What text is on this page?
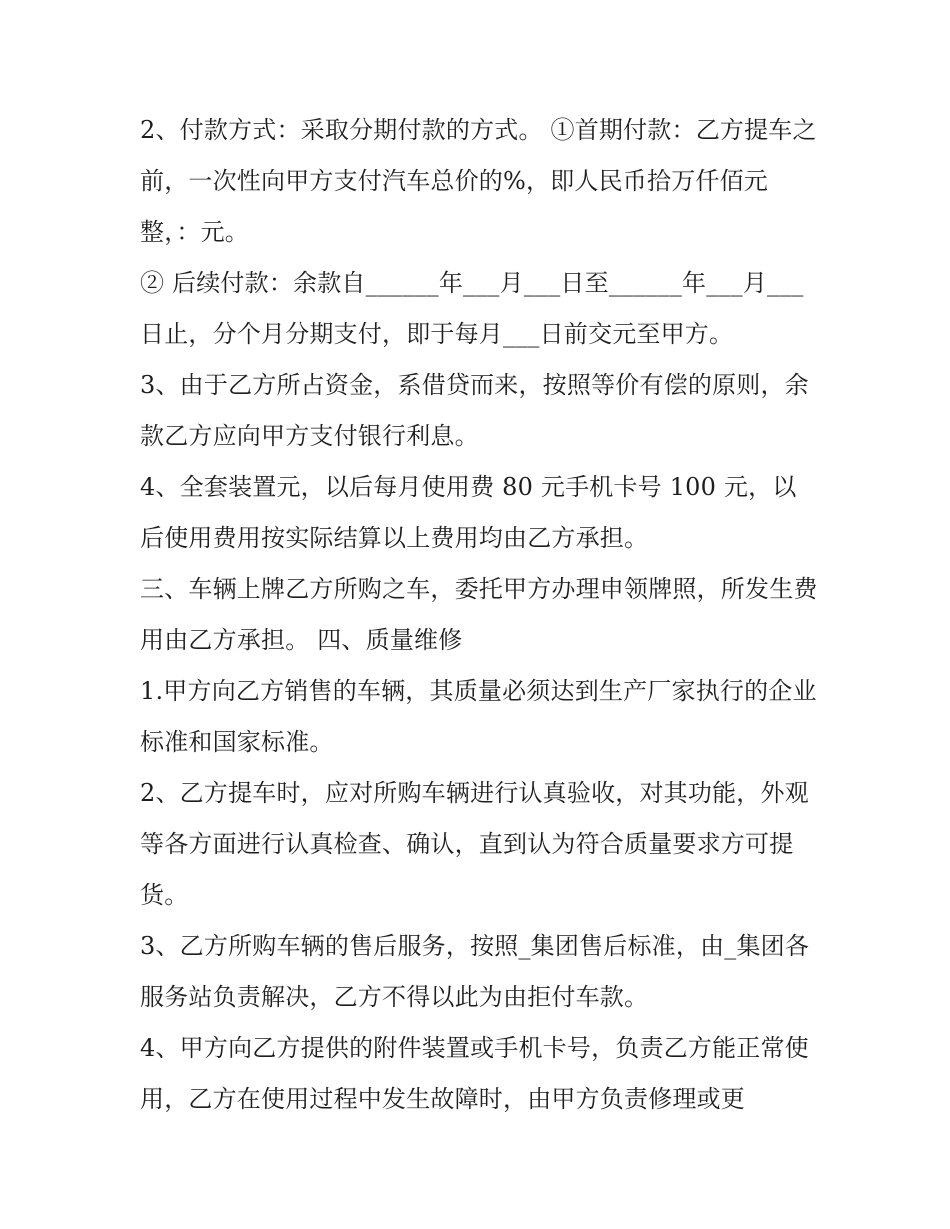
2、付款方式：采取分期付款的方式。 ①首期付款：乙方提车之前，一次性向甲方支付汽车总价的%，即人民币拾万仟佰元整，：元。

② 后续付款：余款自______年___月___日至______年___月___日止，分个月分期支付，即于每月___日前交元至甲方。

3、由于乙方所占资金，系借贷而来，按照等价有偿的原则，余款乙方应向甲方支付银行利息。

4、全套装置元，以后每月使用费 80 元手机卡号 100 元，以后使用费用按实际结算以上费用均由乙方承担。

三、车辆上牌乙方所购之车，委托甲方办理申领牌照，所发生费用由乙方承担。 四、质量维修

1.甲方向乙方销售的车辆，其质量必须达到生产厂家执行的企业标准和国家标准。

2、乙方提车时，应对所购车辆进行认真验收，对其功能，外观等各方面进行认真检查、确认，直到认为符合质量要求方可提货。

3、乙方所购车辆的售后服务，按照_集团售后标准，由_集团各服务站负责解决，乙方不得以此为由拒付车款。

4、甲方向乙方提供的附件装置或手机卡号，负责乙方能正常使用，乙方在使用过程中发生故障时，由甲方负责修理或更
